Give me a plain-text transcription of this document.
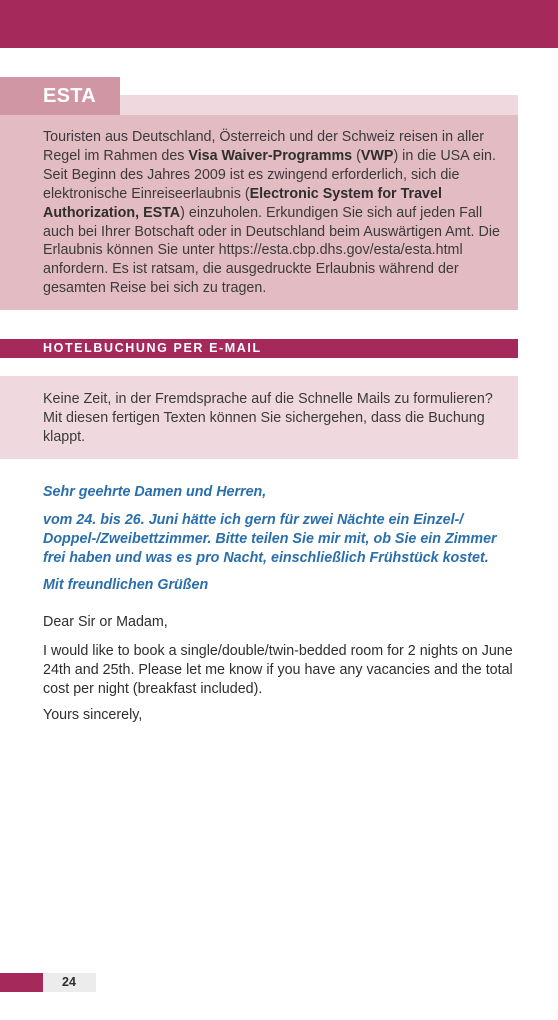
ESTA
Touristen aus Deutschland, Österreich und der Schweiz reisen in aller Regel im Rahmen des Visa Waiver-Programms (VWP) in die USA ein. Seit Beginn des Jahres 2009 ist es zwingend erforderlich, sich die elektronische Einreiseerlaubnis (Electronic System for Travel Authorization, ESTA) einzuholen. Erkundigen Sie sich auf jeden Fall auch bei Ihrer Botschaft oder in Deutschland beim Auswärtigen Amt. Die Erlaubnis können Sie unter https://esta.cbp.dhs.gov/esta/esta.html anfordern. Es ist ratsam, die ausgedruckte Erlaubnis während der gesamten Reise bei sich zu tragen.
HOTELBUCHUNG PER E-MAIL
Keine Zeit, in der Fremdsprache auf die Schnelle Mails zu formulieren? Mit diesen fertigen Texten können Sie sichergehen, dass die Buchung klappt.
Sehr geehrte Damen und Herren,
vom 24. bis 26. Juni hätte ich gern für zwei Nächte ein Einzel-/ Doppel-/Zweibettzimmer. Bitte teilen Sie mir mit, ob Sie ein Zimmer frei haben und was es pro Nacht, einschließlich Frühstück kostet.
Mit freundlichen Grüßen
Dear Sir or Madam,
I would like to book a single/double/twin-bedded room for 2 nights on June 24th and 25th. Please let me know if you have any vacancies and the total cost per night (breakfast included).
Yours sincerely,
24
